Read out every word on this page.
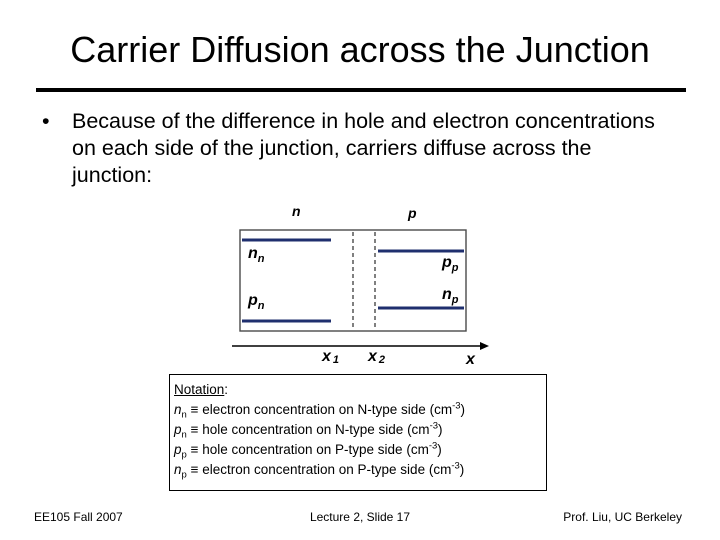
Carrier Diffusion across the Junction
• Because of the difference in hole and electron concentrations on each side of the junction, carriers diffuse across the junction:
n	p
$n_n$
$p_n$
$p_p$
$n_p$
x 1 x 2	x
Notation:
$n_n$ ≡ electron concentration on N-type side $(cm^{-3})$
$p_n$ ≡ hole concentration on N-type side $(cm^{-3})$
$p_p$ ≡ hole concentration on P-type side $(cm^{-3})$
$n_p$ ≡ electron concentration on P-type side $(cm^{-3})$
EE105 Fall 2007	Lecture 2, Slide 17	Prof. Liu, UC Berkeley
